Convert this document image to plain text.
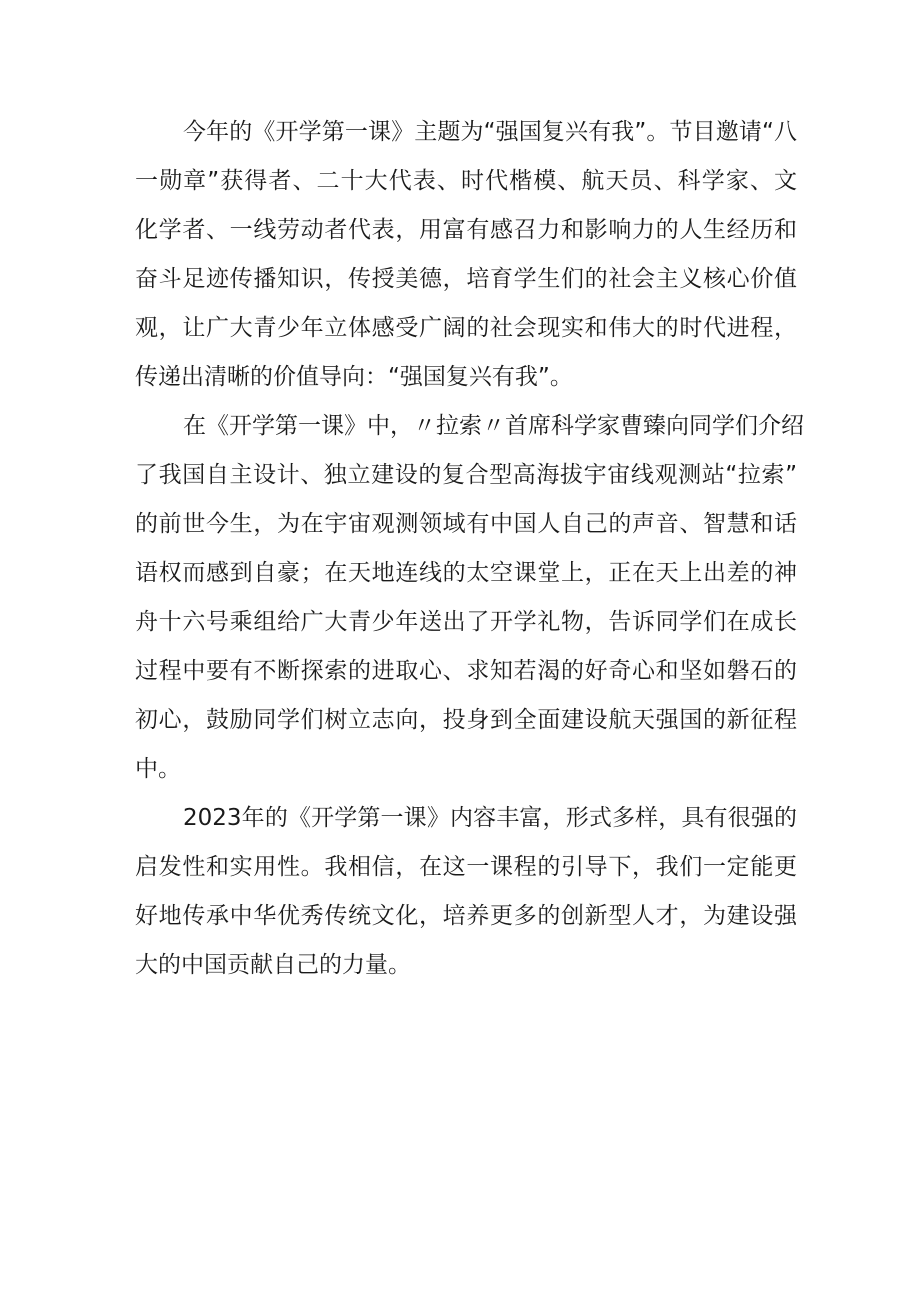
今年的《开学第一课》主题为“强国复兴有我”。节目邀请“八
一勋章”获得者、二十大代表、时代楷模、航天员、科学家、文
化学者、一线劳动者代表，用富有感召力和影响力的人生经历和
奋斗足迹传播知识，传授美德，培育学生们的社会主义核心价值
观，让广大青少年立体感受广阔的社会现实和伟大的时代进程，
传递出清晰的价值导向：“强国复兴有我”。
在《开学第一课》中，〃拉索〃首席科学家曹臻向同学们介绍
了我国自主设计、独立建设的复合型高海拔宇宙线观测站“拉索”
的前世今生，为在宇宙观测领域有中国人自己的声音、智慧和话
语权而感到自豪；在天地连线的太空课堂上，正在天上出差的神
舟十六号乘组给广大青少年送出了开学礼物，告诉同学们在成长
过程中要有不断探索的进取心、求知若渴的好奇心和坚如磐石的
初心，鼓励同学们树立志向，投身到全面建设航天强国的新征程
中。
2023年的《开学第一课》内容丰富，形式多样，具有很强的
启发性和实用性。我相信，在这一课程的引导下，我们一定能更
好地传承中华优秀传统文化，培养更多的创新型人才，为建设强
大的中国贡献自己的力量。
